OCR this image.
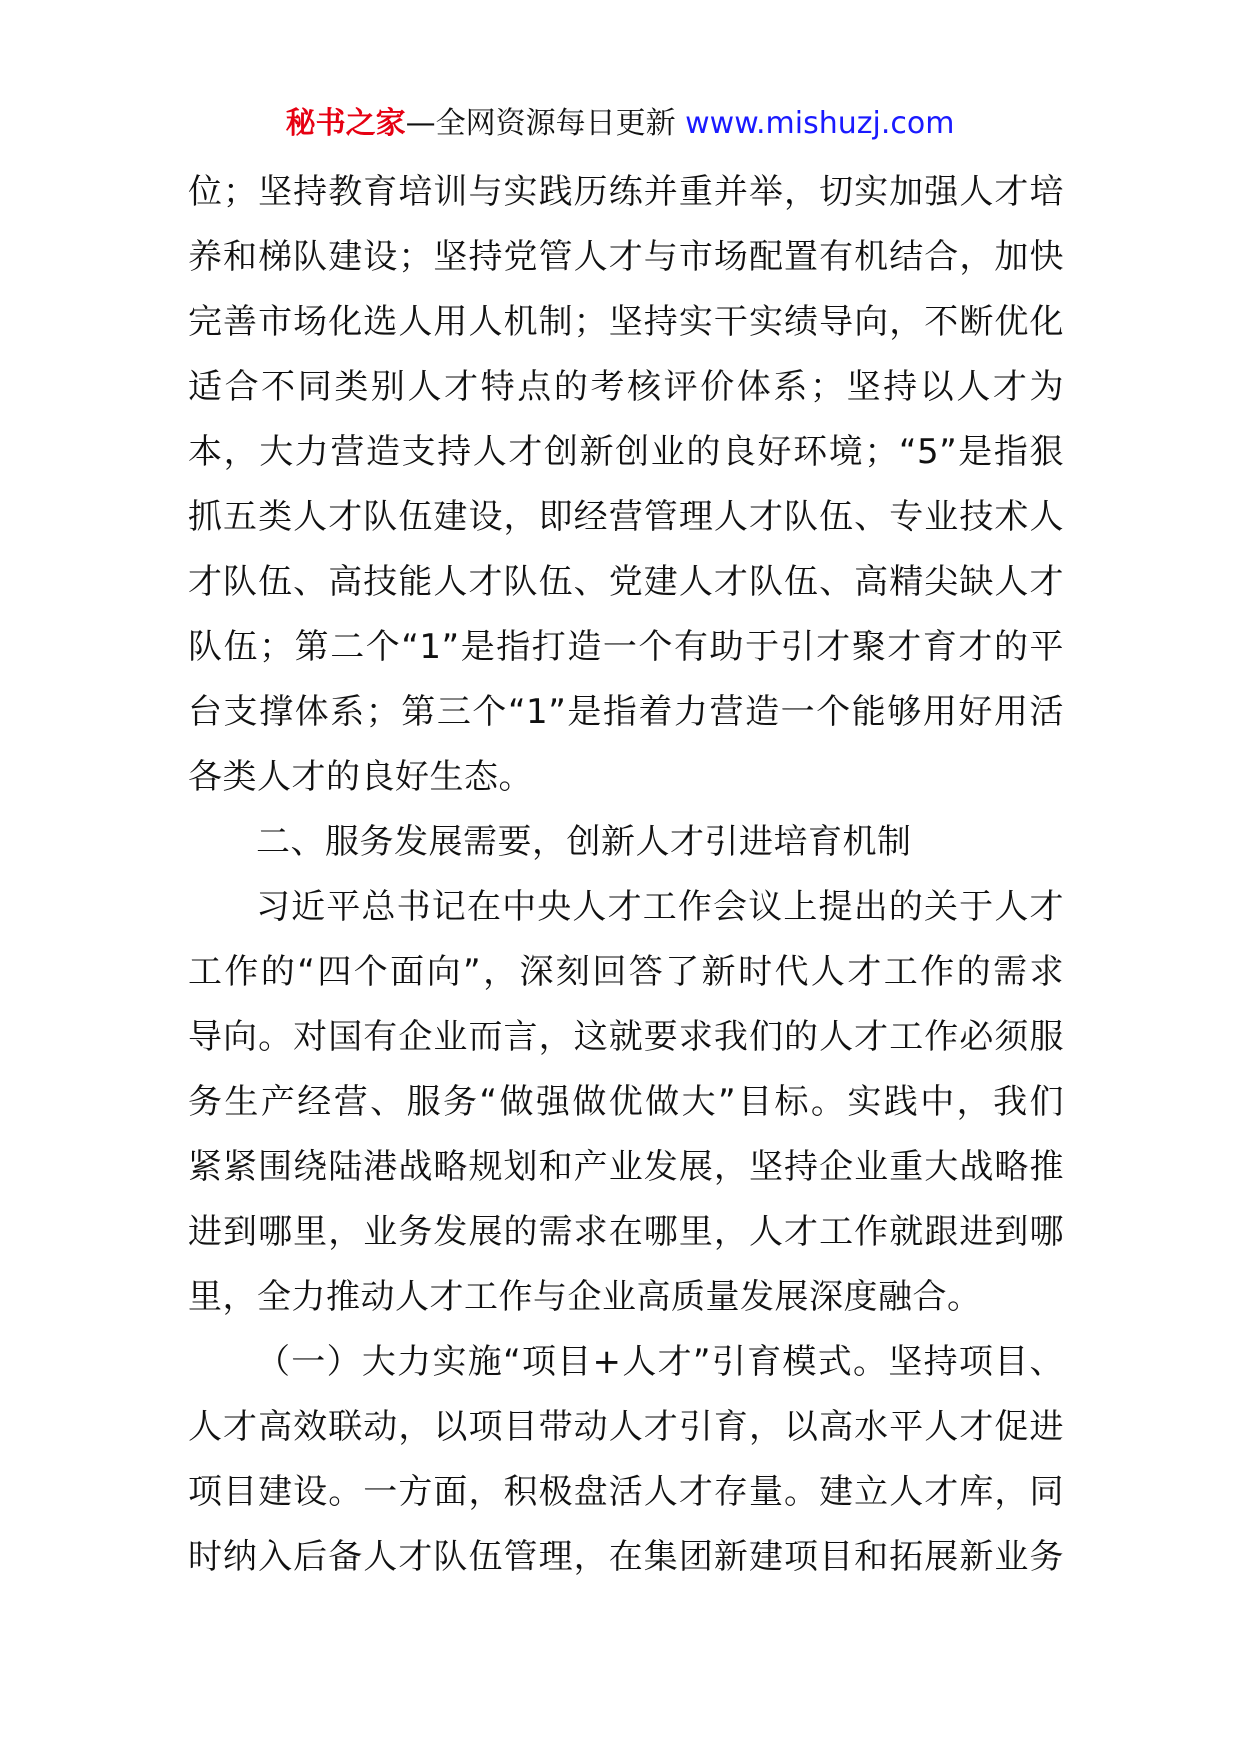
秘书之家—全网资源每日更新 www.mishuzj.com
位；坚持教育培训与实践历练并重并举，切实加强人才培
养和梯队建设；坚持党管人才与市场配置有机结合，加快
完善市场化选人用人机制；坚持实干实绩导向，不断优化
适合不同类别人才特点的考核评价体系；坚持以人才为
本，大力营造支持人才创新创业的良好环境；“5”是指狠
抓五类人才队伍建设，即经营管理人才队伍、专业技术人
才队伍、高技能人才队伍、党建人才队伍、高精尖缺人才
队伍；第二个“1”是指打造一个有助于引才聚才育才的平
台支撑体系；第三个“1”是指着力营造一个能够用好用活
各类人才的良好生态。
二、服务发展需要，创新人才引进培育机制
习近平总书记在中央人才工作会议上提出的关于人才
工作的“四个面向”，深刻回答了新时代人才工作的需求
导向。对国有企业而言，这就要求我们的人才工作必须服
务生产经营、服务“做强做优做大”目标。实践中，我们
紧紧围绕陆港战略规划和产业发展，坚持企业重大战略推
进到哪里，业务发展的需求在哪里，人才工作就跟进到哪
里，全力推动人才工作与企业高质量发展深度融合。
（一）大力实施“项目+人才”引育模式。坚持项目、
人才高效联动，以项目带动人才引育，以高水平人才促进
项目建设。一方面，积极盘活人才存量。建立人才库，同
时纳入后备人才队伍管理，在集团新建项目和拓展新业务
